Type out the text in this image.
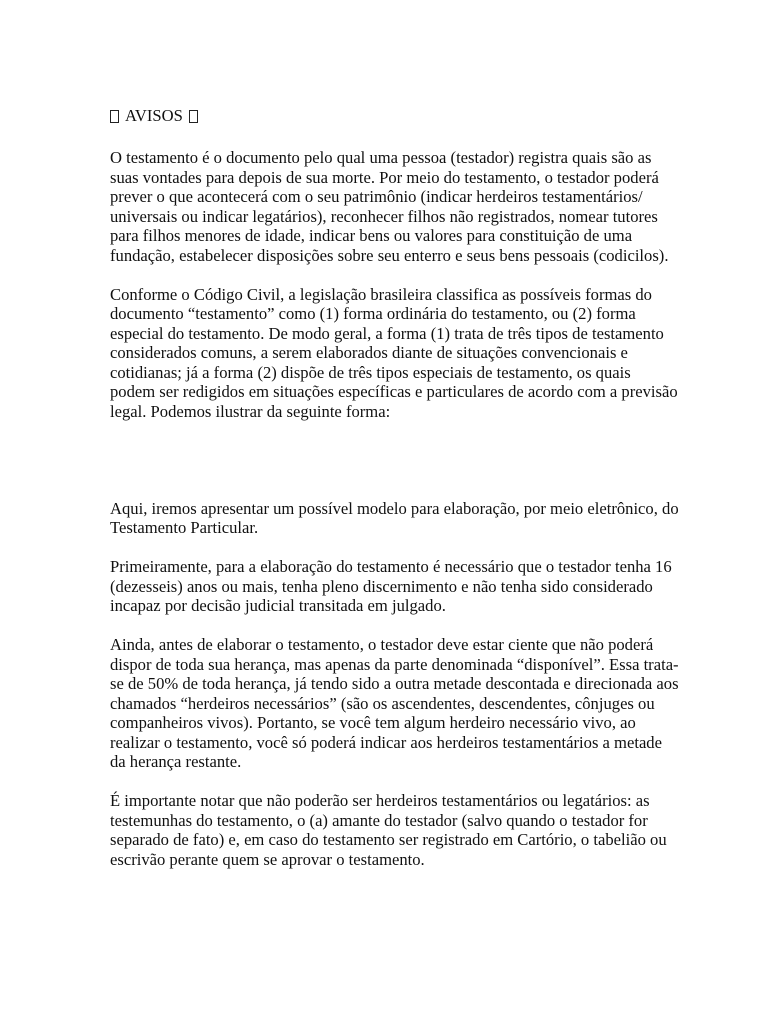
AVISOS

O testamento é o documento pelo qual uma pessoa (testador) registra quais são as suas vontades para depois de sua morte. Por meio do testamento, o testador poderá prever o que acontecerá com o seu patrimônio (indicar herdeiros testamentários/ universais ou indicar legatários), reconhecer filhos não registrados, nomear tutores para filhos menores de idade, indicar bens ou valores para constituição de uma fundação, estabelecer disposições sobre seu enterro e seus bens pessoais (codicilos).

Conforme o Código Civil, a legislação brasileira classifica as possíveis formas do documento “testamento” como (1) forma ordinária do testamento, ou (2) forma especial do testamento. De modo geral, a forma (1) trata de três tipos de testamento considerados comuns, a serem elaborados diante de situações convencionais e cotidianas; já a forma (2) dispõe de três tipos especiais de testamento, os quais podem ser redigidos em situações específicas e particulares de acordo com a previsão legal. Podemos ilustrar da seguinte forma:

Aqui, iremos apresentar um possível modelo para elaboração, por meio eletrônico, do Testamento Particular.

Primeiramente, para a elaboração do testamento é necessário que o testador tenha 16 (dezesseis) anos ou mais, tenha pleno discernimento e não tenha sido considerado incapaz por decisão judicial transitada em julgado.

Ainda, antes de elaborar o testamento, o testador deve estar ciente que não poderá dispor de toda sua herança, mas apenas da parte denominada “disponível”. Essa trata-se de 50% de toda herança, já tendo sido a outra metade descontada e direcionada aos chamados “herdeiros necessários” (são os ascendentes, descendentes, cônjuges ou companheiros vivos). Portanto, se você tem algum herdeiro necessário vivo, ao realizar o testamento, você só poderá indicar aos herdeiros testamentários a metade da herança restante.

É importante notar que não poderão ser herdeiros testamentários ou legatários: as testemunhas do testamento, o (a) amante do testador (salvo quando o testador for separado de fato) e, em caso do testamento ser registrado em Cartório, o tabelião ou escrivão perante quem se aprovar o testamento.
